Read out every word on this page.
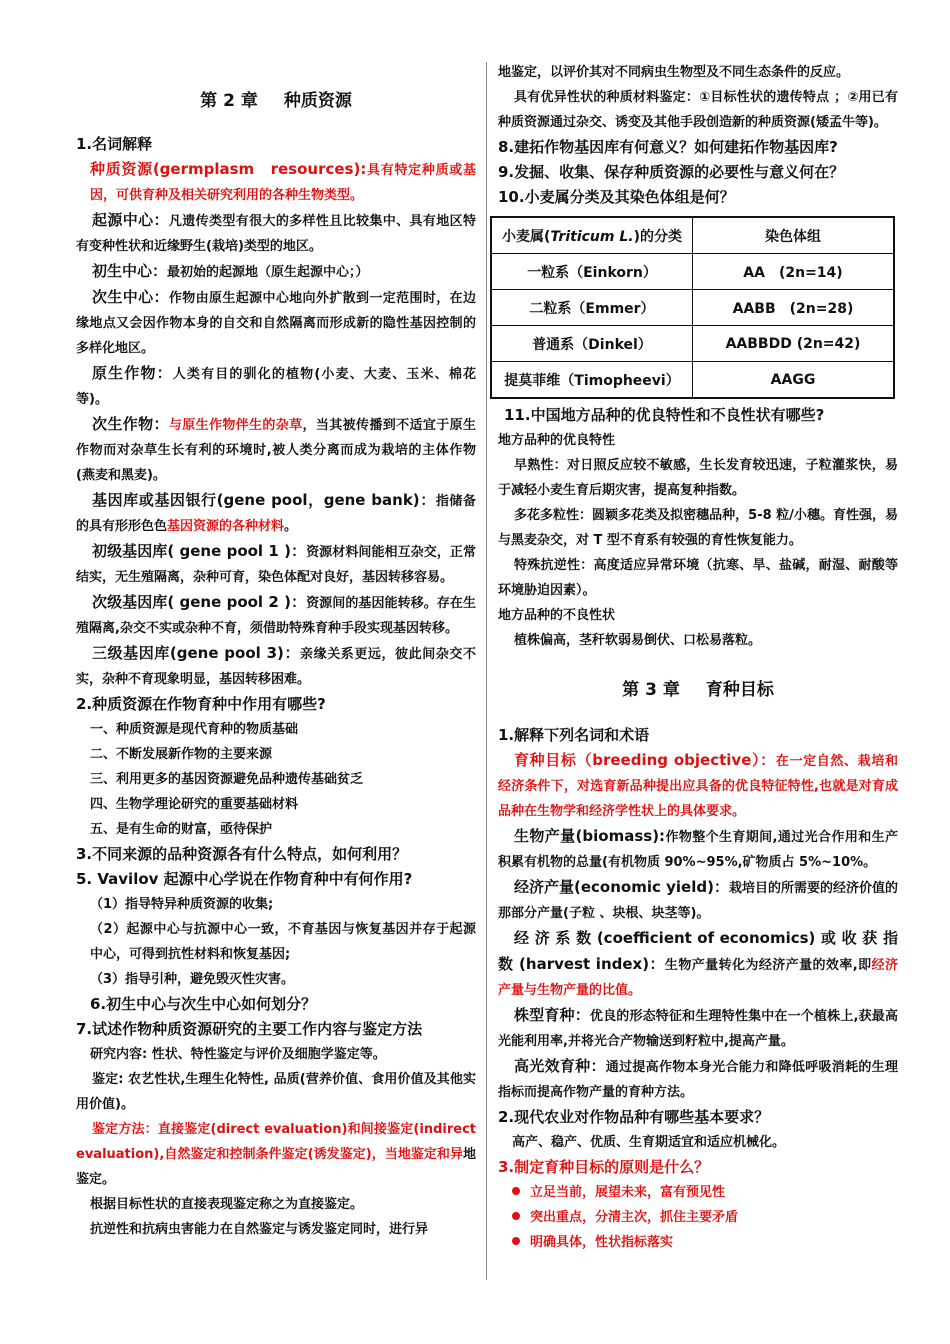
第 2 章 种质资源

1.名词解释

种质资源(germplasm　resources):具有特定种质或基因，可供育种及相关研究利用的各种生物类型。

起源中心：凡遗传类型有很大的多样性且比较集中、具有地区特有变种性状和近缘野生(栽培)类型的地区。

初生中心：最初始的起源地（原生起源中心；）

次生中心：作物由原生起源中心地向外扩散到一定范围时，在边缘地点又会因作物本身的自交和自然隔离而形成新的隐性基因控制的多样化地区。

原生作物：人类有目的驯化的植物(小麦、大麦、玉米、棉花等)。

次生作物：与原生作物伴生的杂草，当其被传播到不适宜于原生作物而对杂草生长有利的环境时,被人类分离而成为栽培的主体作物(燕麦和黑麦)。

基因库或基因银行(gene pool，gene bank)：指储备的具有形形色色基因资源的各种材料。

初级基因库( gene pool 1 )：资源材料间能相互杂交，正常结实，无生殖隔离，杂种可育，染色体配对良好，基因转移容易。

次级基因库( gene pool 2 )：资源间的基因能转移。存在生殖隔离,杂交不实或杂种不育，须借助特殊育种手段实现基因转移。

三级基因库(gene pool 3)：亲缘关系更远，彼此间杂交不实，杂种不育现象明显，基因转移困难。

2.种质资源在作物育种中作用有哪些?

一、种质资源是现代育种的物质基础

二、不断发展新作物的主要来源

三、利用更多的基因资源避免品种遗传基础贫乏

四、生物学理论研究的重要基础材料

五、是有生命的财富，亟待保护

3.不同来源的品种资源各有什么特点，如何利用？

5. Vavilov 起源中心学说在作物育种中有何作用?

（1）指导特异种质资源的收集;

（2）起源中心与抗源中心一致，不育基因与恢复基因并存于起源中心，可得到抗性材料和恢复基因;

（3）指导引种，避免毁灭性灾害。

6.初生中心与次生中心如何划分？

7.试述作物种质资源研究的主要工作内容与鉴定方法

研究内容: 性状、特性鉴定与评价及细胞学鉴定等。

鉴定: 农艺性状,生理生化特性, 品质(营养价值、食用价值及其他实用价值)。

鉴定方法：直接鉴定(direct evaluation)和间接鉴定(indirect evaluation),自然鉴定和控制条件鉴定(诱发鉴定)，当地鉴定和异地鉴定。

根据目标性状的直接表现鉴定称之为直接鉴定。

抗逆性和抗病虫害能力在自然鉴定与诱发鉴定同时，进行异

地鉴定，以评价其对不同病虫生物型及不同生态条件的反应。

具有优异性状的种质材料鉴定：①目标性状的遗传特点 ；②用已有种质资源通过杂交、诱变及其他手段创造新的种质资源(矮孟牛等)。

8.建拓作物基因库有何意义？如何建拓作物基因库?

9.发掘、收集、保存种质资源的必要性与意义何在？

10.小麦属分类及其染色体组是何？

小麦属(Triticum L.)的分类	染色体组
一粒系（Einkorn）	AA　(2n=14)
二粒系（Emmer）	AABB　(2n=28)
普通系（Dinkel）	AABBDD (2n=42)
提莫菲维（Timopheevi）	AAGG

11.中国地方品种的优良特性和不良性状有哪些?

地方品种的优良特性

早熟性：对日照反应较不敏感，生长发育较迅速，子粒灌浆快，易于减轻小麦生育后期灾害，提高复种指数。

多花多粒性：圆颖多花类及拟密穗品种，5-8 粒/小穗。育性强，易与黑麦杂交，对 T 型不育系有较强的育性恢复能力。

特殊抗逆性：高度适应异常环境（抗寒、旱、盐碱，耐湿、耐酸等环境胁迫因素）。

地方品种的不良性状

植株偏高，茎秆软弱易倒伏、口松易落粒。

第 3 章 育种目标

1.解释下列名词和术语

育种目标（breeding objective）：在一定自然、栽培和经济条件下，对选育新品种提出应具备的优良特征特性,也就是对育成品种在生物学和经济学性状上的具体要求。

生物产量(biomass):作物整个生育期间,通过光合作用和生产积累有机物的总量(有机物质 90%~95%,矿物质占 5%~10%。

经济产量(economic yield)：栽培目的所需要的经济价值的那部分产量(子粒 、块根、块茎等)。

经 济 系 数 (coefficient of economics) 或 收 获 指 数 (harvest index)：生物产量转化为经济产量的效率,即经济产量与生物产量的比值。

株型育种：优良的形态特征和生理特性集中在一个植株上,获最高光能利用率,并将光合产物输送到籽粒中,提高产量。

高光效育种：通过提高作物本身光合能力和降低呼吸消耗的生理指标而提高作物产量的育种方法。

2.现代农业对作物品种有哪些基本要求？

高产、稳产、优质、生育期适宜和适应机械化。

3.制定育种目标的原则是什么？

立足当前，展望未来，富有预见性

突出重点，分清主次，抓住主要矛盾

明确具体，性状指标落实
